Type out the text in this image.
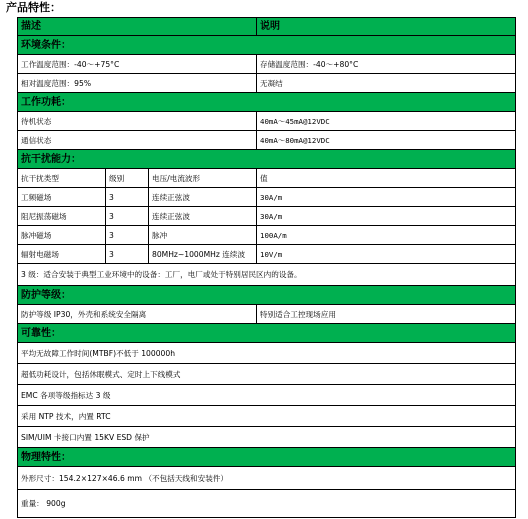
产品特性：
描述			说明
环境条件：			
工作温度范围：-40～+75°C			存储温度范围：-40～+80°C
相对温度范围：95%			无凝结
工作功耗：			
待机状态			40mA～45mA@12VDC
通信状态			40mA～80mA@12VDC
抗干扰能力：			
抗干扰类型	级别	电压/电流波形	值
工频磁场	3	连续正弦波	30A/m
阻尼振荡磁场	3	连续正弦波	30A/m
脉冲磁场	3	脉冲	100A/m
辐射电磁场	3	80MHz~1000MHz 连续波	10V/m
3 级：适合安装于典型工业环境中的设备：工厂，电厂或处于特别居民区内的设备。			
防护等级：			
防护等级 IP30，外壳和系统安全隔离			特别适合工控现场应用
可靠性：			
平均无故障工作时间(MTBF)不低于 100000h			
超低功耗设计，包括休眠模式、定时上下线模式			
EMC 各项等级指标达 3 级			
采用 NTP 技术，内置 RTC			
SIM/UIM 卡接口内置 15KV ESD 保护			
物理特性：			
外形尺寸：154.2×127×46.6 mm （不包括天线和安装件）			
重量： 900g			
